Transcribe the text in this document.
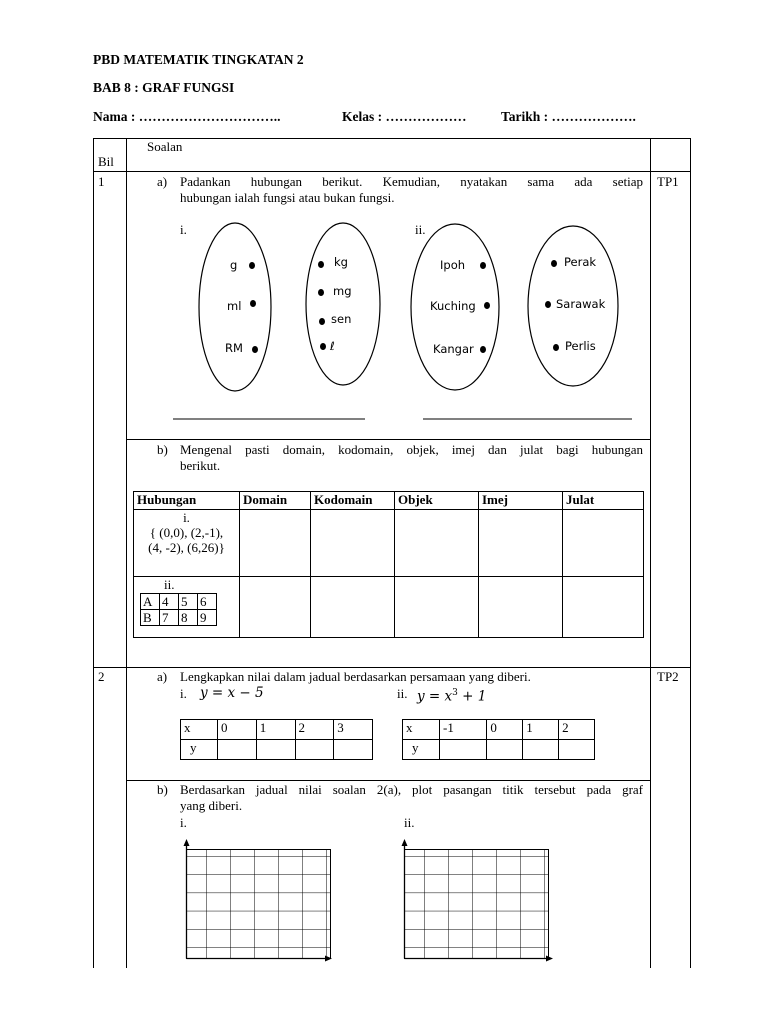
PBD MATEMATIK TINGKATAN 2
BAB 8 : GRAF FUNGSI
Nama : …………………………..	Kelas : ………………	Tarikh : ……………….
Bil
Soalan
1	TP1
a) Padankan hubungan berikut. Kemudian, nyatakan sama ada setiap
hubungan ialah fungsi atau bukan fungsi.
i.	ii.
g
ml
RM
kg
mg
sen
ℓ
Ipoh
Kuching
Kangar
Perak
Sarawak
Perlis
b) Mengenal pasti domain, kodomain, objek, imej dan julat bagi hubungan
berikut.
Hubungan	Domain	Kodomain	Objek	Imej	Julat

i.
{ (0,0), (2,-1),
(4, -2), (6,26)}

ii.
A	4	5	6
B	7	8	9

2	TP2
a) Lengkapkan nilai dalam jadual berdasarkan persamaan yang diberi.
i. y = x − 5	ii. $y = x^3 + 1$
x	0	1	2	3
y				
x	-1	0	1	2
y				
b) Berdasarkan jadual nilai soalan 2(a), plot pasangan titik tersebut pada graf
yang diberi.
i.	ii.
